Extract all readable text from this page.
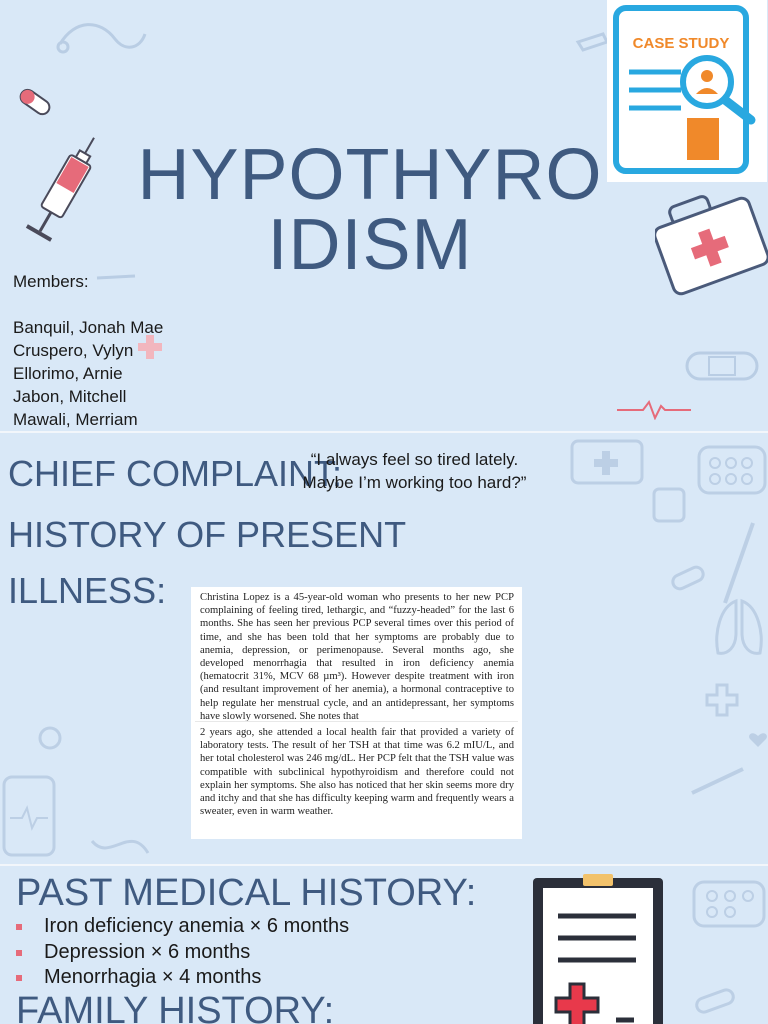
CASE STUDY
HYPOTHYRO
IDISM
Members:
Banquil, Jonah Mae
Cruspero, Vylyn
Ellorimo, Arnie
Jabon, Mitchell
Mawali, Merriam
CHIEF COMPLAINT:
“I always feel so tired lately.
Maybe I’m working too hard?”
HISTORY OF PRESENT ILLNESS:	Christina Lopez is a 45-year-old woman who presents to her new PCP complaining of feeling tired, lethargic, and “fuzzy-headed” for the last 6 months. She has seen her previous PCP several times over this period of time, and she has been told that her symptoms are probably due to anemia, depression, or perimenopause. Several months ago, she developed menorrhagia that resulted in iron deficiency anemia (hematocrit 31%, MCV 68 µm³). However despite treatment with iron (and resultant improvement of her anemia), a hormonal contraceptive to help regulate her menstrual cycle, and an antidepressant, her symptoms have slowly worsened. She notes that

2 years ago, she attended a local health fair that provided a variety of laboratory tests. The result of her TSH at that time was 6.2 mIU/L, and her total cholesterol was 246 mg/dL. Her PCP felt that the TSH value was compatible with subclinical hypothyroidism and therefore could not explain her symptoms. She also has noticed that her skin seems more dry and itchy and that she has difficulty keeping warm and frequently wears a sweater, even in warm weather.

PAST MEDICAL HISTORY:
Iron deficiency anemia × 6 months
Depression × 6 months
Menorrhagia × 4 months
FAMILY HISTORY:
